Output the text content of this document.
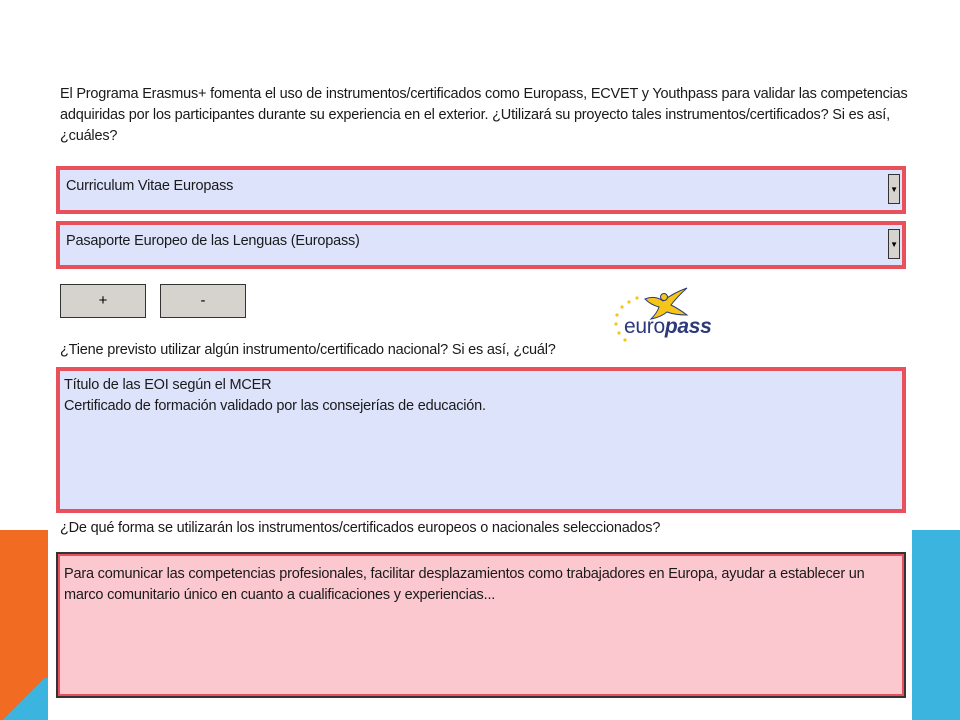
El Programa Erasmus+ fomenta el uso de instrumentos/certificados como Europass, ECVET y Youthpass para validar las competencias adquiridas por los participantes durante su experiencia en el exterior. ¿Utilizará su proyecto tales instrumentos/certificados? Si es así, ¿cuáles?
Curriculum Vitae Europass	▼
Pasaporte Europeo de las Lenguas (Europass)	▼
+	-
europass
¿Tiene previsto utilizar algún instrumento/certificado nacional? Si es así, ¿cuál?
Título de las EOI según el MCER
Certificado de formación validado por las consejerías de educación.
¿De qué forma se utilizarán los instrumentos/certificados europeos o nacionales seleccionados?
Para comunicar las competencias profesionales, facilitar desplazamientos como trabajadores en Europa, ayudar a establecer un marco comunitario único en cuanto a cualificaciones y experiencias...
